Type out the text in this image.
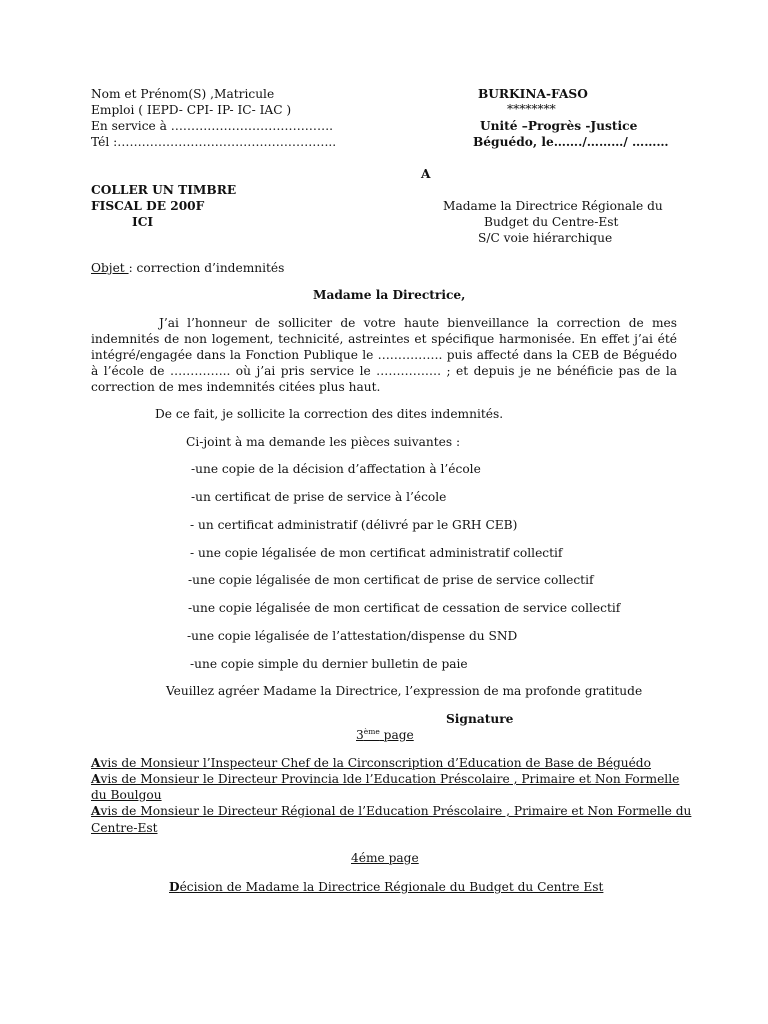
Nom et Prénom(S) ,Matricule
Emploi ( IEPD- CPI- IP- IC- IAC )
En service à ………………………………….
Tél :……………………………………………...
BURKINA-FASO
********
Unité –Progrès -Justice
Béguédo, le……./………/ ………
A
COLLER UN TIMBRE
FISCAL DE 200F
ICI
Madame la Directrice Régionale du
Budget du Centre-Est
S/C voie hiérarchique
Objet : correction d’indemnités
Madame la Directrice,
J’ai l’honneur de solliciter de votre haute bienveillance la correction de mes indemnités de non logement, technicité, astreintes et spécifique harmonisée. En effet j’ai été intégré/engagée dans la Fonction Publique le ……………. puis affecté dans la CEB de Béguédo à l’école de …………... où j’ai pris service le ……………. ; et depuis je ne bénéficie pas de la correction de mes indemnités citées plus haut.
De ce fait, je sollicite la correction des dites indemnités.
Ci-joint à ma demande les pièces suivantes :
-une copie de la décision d’affectation à l’école
-un certificat de prise de service à l’école
- un certificat administratif (délivré par le GRH CEB)
- une copie légalisée de mon certificat administratif collectif
-une copie légalisée de mon certificat de prise de service collectif
-une copie légalisée de mon certificat de cessation de service collectif
-une copie légalisée de l’attestation/dispense du SND
-une copie simple du dernier bulletin de paie
Veuillez agréer Madame la Directrice, l’expression de ma profonde gratitude
Signature
3ème page
Avis de Monsieur l’Inspecteur Chef de la Circonscription d’Education de Base de Béguédo
Avis de Monsieur le Directeur Provincia lde l’Education Préscolaire , Primaire et Non Formelle
du Boulgou
Avis de Monsieur le Directeur Régional de l’Education Préscolaire , Primaire et Non Formelle du
Centre-Est
4éme page
Décision de Madame la Directrice Régionale du Budget du Centre Est
